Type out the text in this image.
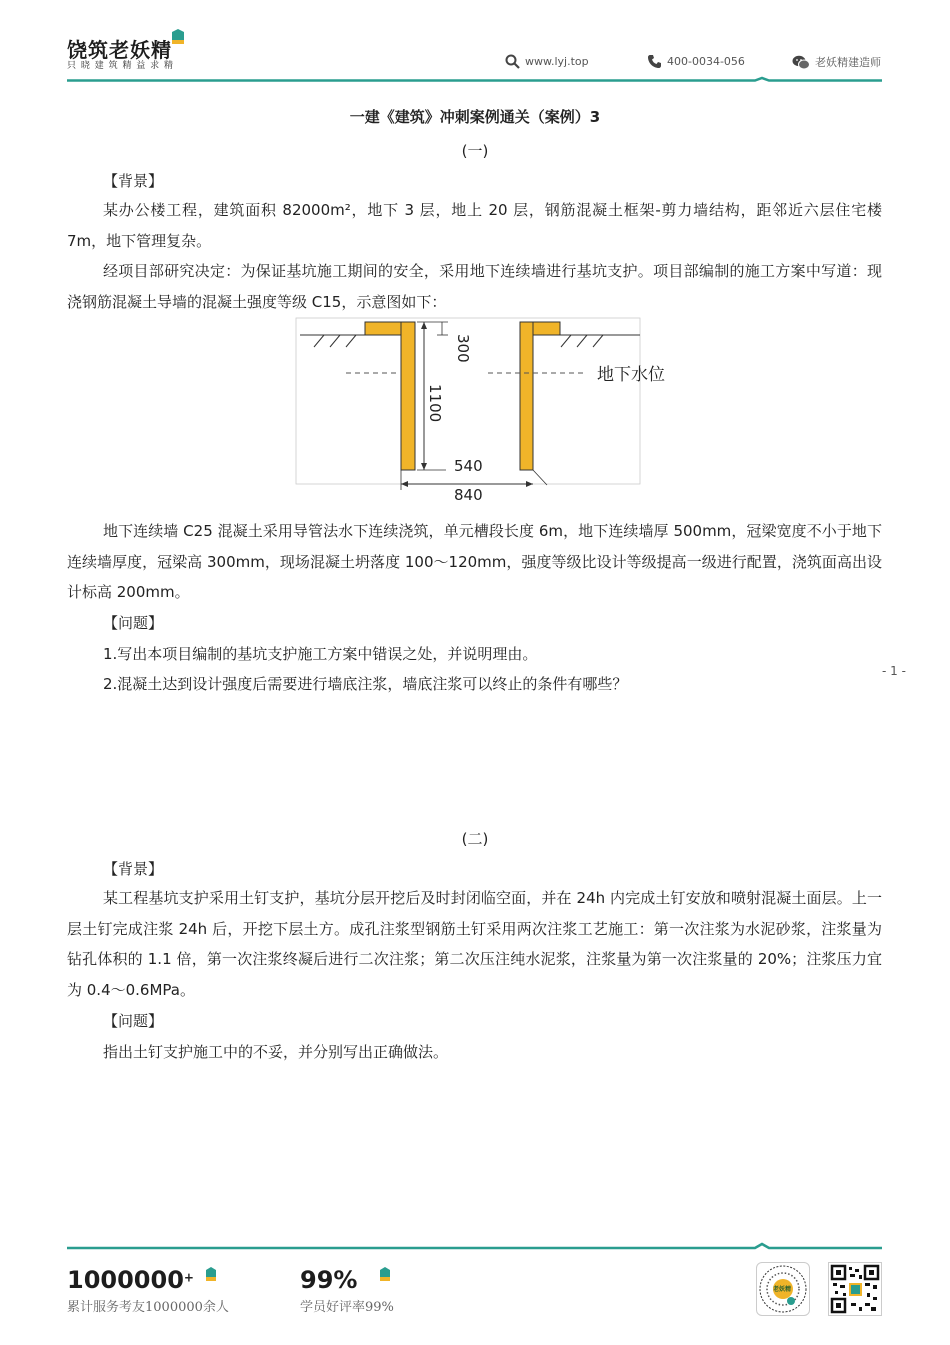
饶筑老妖精
只 晓 建 筑 精 益 求 精	www.lyj.top	400-0034-056	老妖精建造师
一建《建筑》冲刺案例通关（案例）3
(一)
【背景】
某办公楼工程，建筑面积 82000m²，地下 3 层，地上 20 层，钢筋混凝土框架-剪力墙结构，距邻近六层住宅楼 7m，地下管理复杂。
经项目部研究决定：为保证基坑施工期间的安全，采用地下连续墙进行基坑支护。项目部编制的施工方案中写道：现浇钢筋混凝土导墙的混凝土强度等级 C15，示意图如下：
地下水位
300
1100
540
840
地下连续墙 C25 混凝土采用导管法水下连续浇筑，单元槽段长度 6m，地下连续墙厚 500mm，冠梁宽度不小于地下连续墙厚度，冠梁高 300mm，现场混凝土坍落度 100～120mm，强度等级比设计等级提高一级进行配置，浇筑面高出设计标高 200mm。
【问题】
1.写出本项目编制的基坑支护施工方案中错误之处，并说明理由。
2.混凝土达到设计强度后需要进行墙底注浆，墙底注浆可以终止的条件有哪些？
- 1 -
(二)
【背景】
某工程基坑支护采用土钉支护，基坑分层开挖后及时封闭临空面，并在 24h 内完成土钉安放和喷射混凝土面层。上一层土钉完成注浆 24h 后，开挖下层土方。成孔注浆型钢筋土钉采用两次注浆工艺施工：第一次注浆为水泥砂浆，注浆量为钻孔体积的 1.1 倍，第一次注浆终凝后进行二次注浆；第二次压注纯水泥浆，注浆量为第一次注浆量的 20%；注浆压力宜为 0.4～0.6MPa。
【问题】
指出土钉支护施工中的不妥，并分别写出正确做法。
1000000+
累计服务考友1000000余人
99%
学员好评率99%
老妖精
